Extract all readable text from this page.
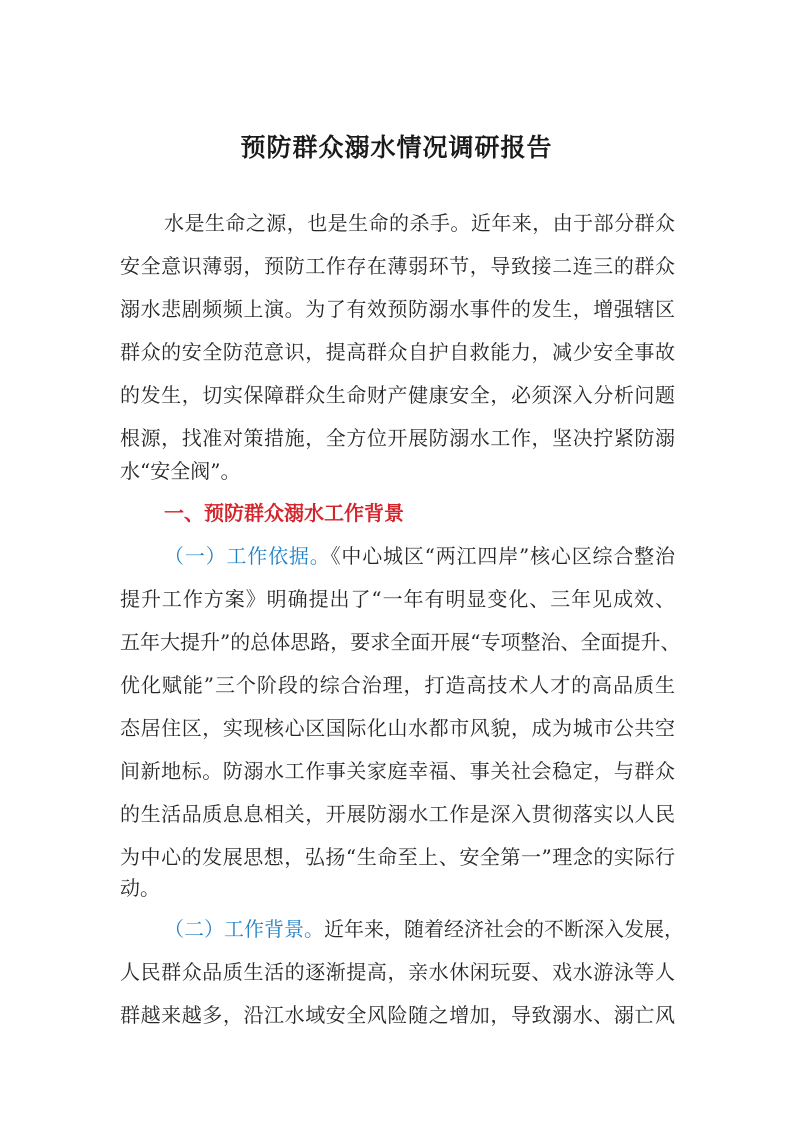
预防群众溺水情况调研报告
水是生命之源，也是生命的杀手。近年来，由于部分群众
安全意识薄弱，预防工作存在薄弱环节，导致接二连三的群众
溺水悲剧频频上演。为了有效预防溺水事件的发生，增强辖区
群众的安全防范意识，提高群众自护自救能力，减少安全事故
的发生，切实保障群众生命财产健康安全，必须深入分析问题
根源，找准对策措施，全方位开展防溺水工作，坚决拧紧防溺
水“安全阀”。
一、预防群众溺水工作背景
（一）工作依据。《中心城区“两江四岸”核心区综合整治
提升工作方案》明确提出了“一年有明显变化、三年见成效、
五年大提升”的总体思路，要求全面开展“专项整治、全面提升、
优化赋能”三个阶段的综合治理，打造高技术人才的高品质生
态居住区，实现核心区国际化山水都市风貌，成为城市公共空
间新地标。防溺水工作事关家庭幸福、事关社会稳定，与群众
的生活品质息息相关，开展防溺水工作是深入贯彻落实以人民
为中心的发展思想，弘扬“生命至上、安全第一”理念的实际行
动。
（二）工作背景。近年来，随着经济社会的不断深入发展，
人民群众品质生活的逐渐提高，亲水休闲玩耍、戏水游泳等人
群越来越多，沿江水域安全风险随之增加，导致溺水、溺亡风
